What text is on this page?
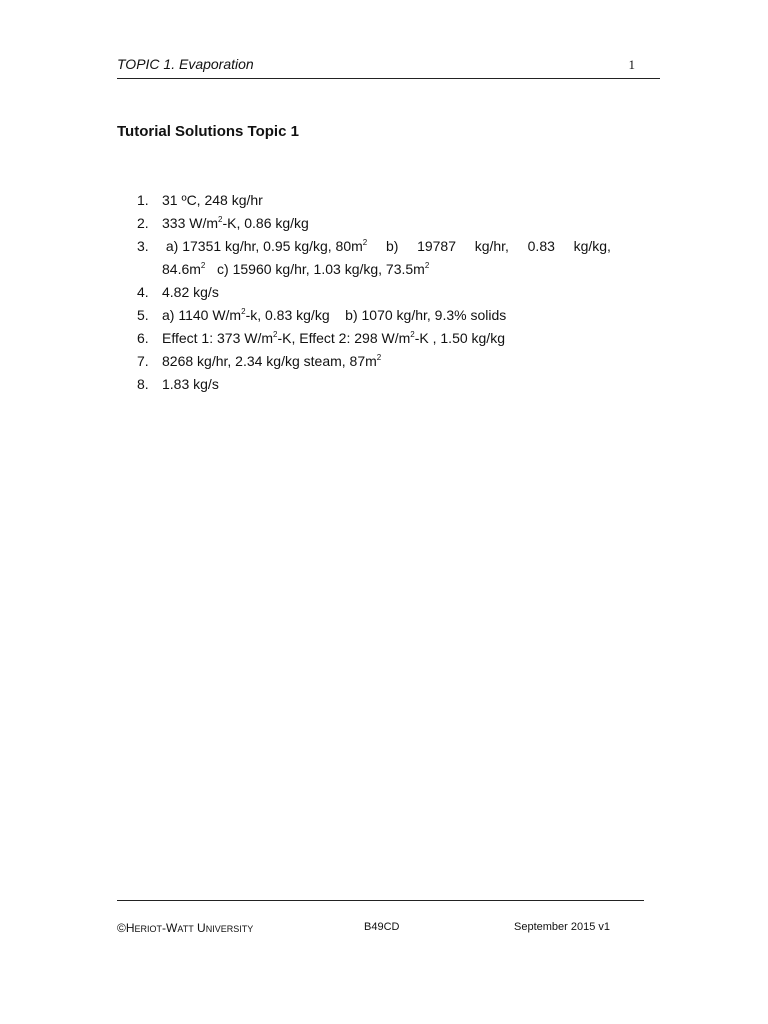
TOPIC 1. Evaporation	1
Tutorial Solutions Topic 1
1. 31 ºC, 248 kg/hr
2. 333 $W/m^2-K$, 0.86 kg/kg
3.	a) 17351 kg/hr, 0.95 kg/kg, $80m^2$ b) 19787 kg/hr, 0.83 kg/kg,
$84.6m^2$ c) 15960 kg/hr, 1.03 kg/kg, $73.5m^2$
4. 4.82 kg/s
5. a) 1140 $W/m^2-k$, 0.83 kg/kg b) 1070 kg/hr, 9.3% solids
6. Effect 1: 373 $W/m^2-K$, Effect 2: 298 $W/m^2-K$ , 1.50 kg/kg
7. 8268 kg/hr, 2.34 kg/kg steam, $87m^2$
8. 1.83 kg/s
©HERIOT-WATT UNIVERSITY	B49CD	September 2015 v1
